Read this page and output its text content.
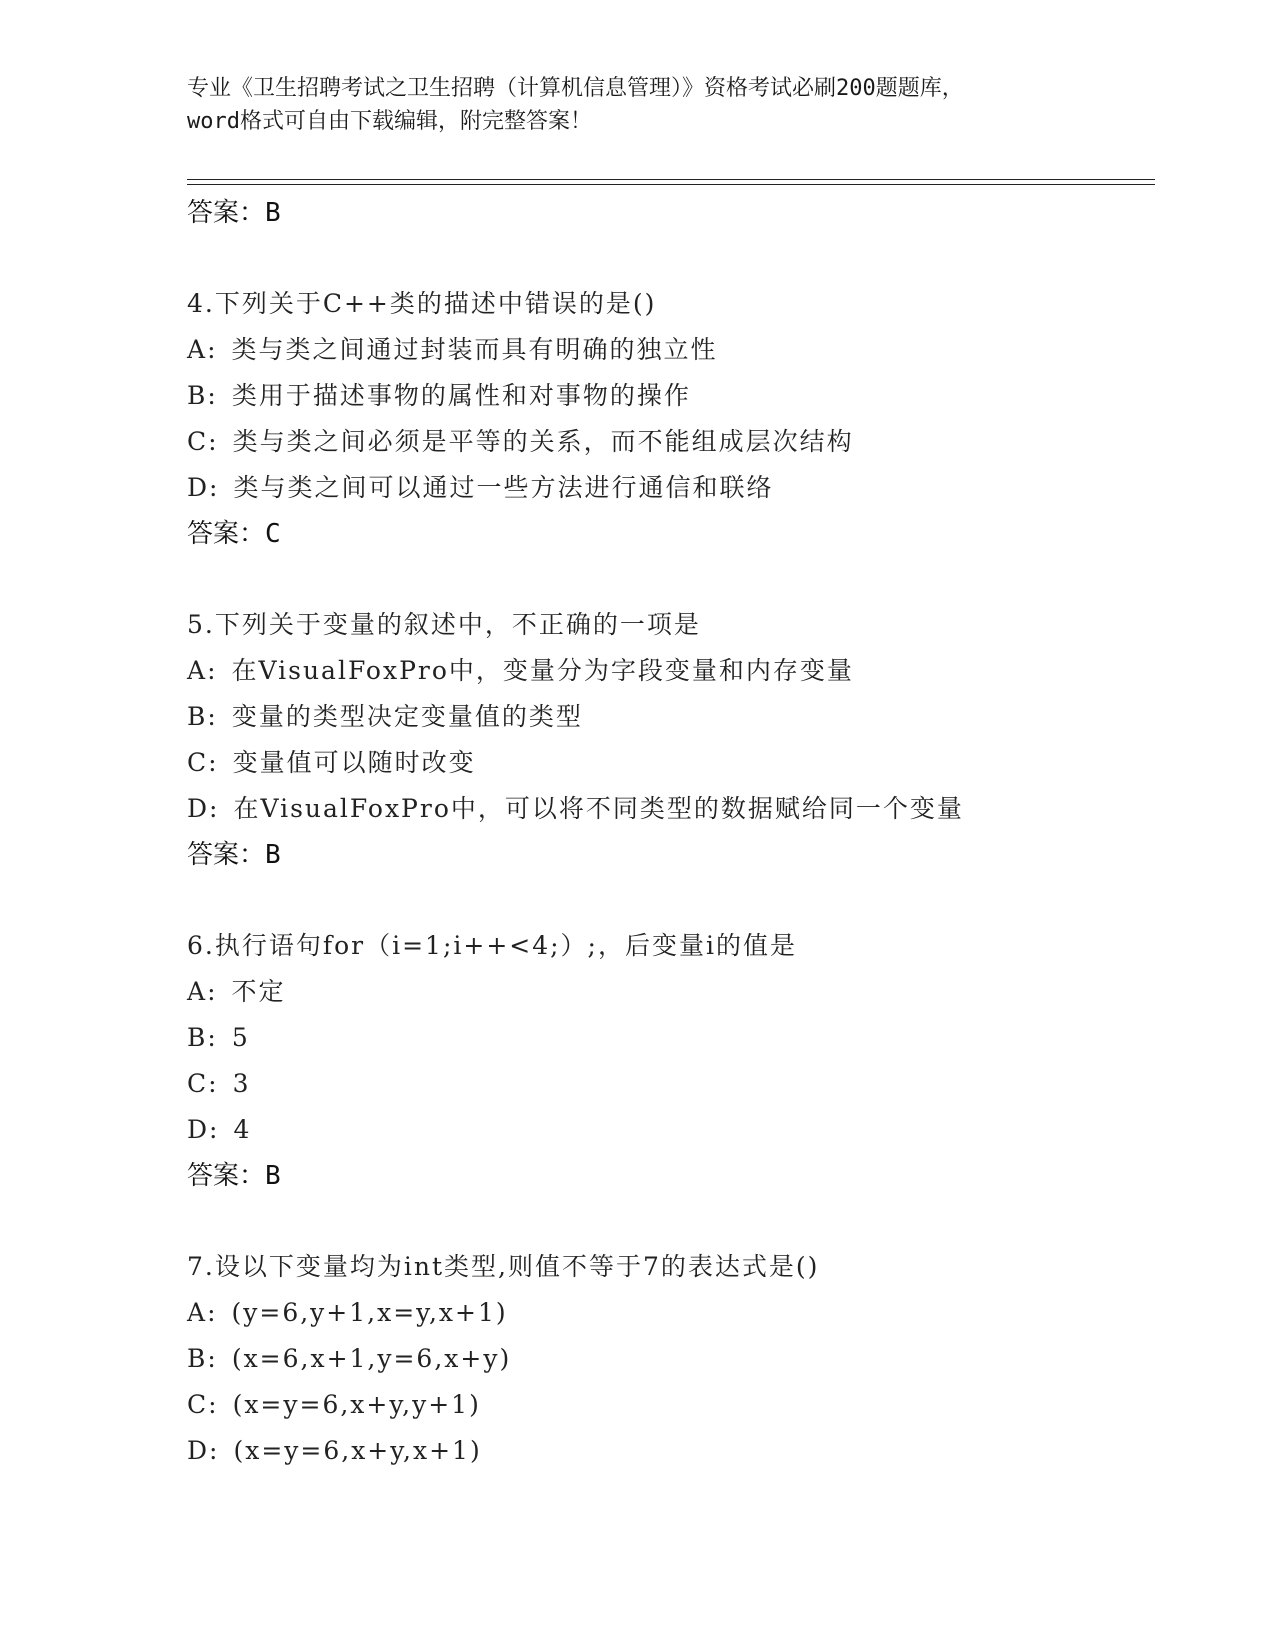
专业《卫生招聘考试之卫生招聘（计算机信息管理）》资格考试必刷200题题库，
word格式可自由下载编辑，附完整答案！
答案：B
4.下列关于C++类的描述中错误的是()
A: 类与类之间通过封装而具有明确的独立性
B: 类用于描述事物的属性和对事物的操作
C: 类与类之间必须是平等的关系，而不能组成层次结构
D: 类与类之间可以通过一些方法进行通信和联络
答案：C
5.下列关于变量的叙述中，不正确的一项是
A: 在VisualFoxPro中，变量分为字段变量和内存变量
B: 变量的类型决定变量值的类型
C: 变量值可以随时改变
D: 在VisualFoxPro中，可以将不同类型的数据赋给同一个变量
答案：B
6.执行语句for（i=1;i++<4;）;，后变量i的值是
A: 不定
B: 5
C: 3
D: 4
答案：B
7.设以下变量均为int类型,则值不等于7的表达式是()
A: (y=6,y+1,x=y,x+1)
B: (x=6,x+1,y=6,x+y)
C: (x=y=6,x+y,y+1)
D: (x=y=6,x+y,x+1)
